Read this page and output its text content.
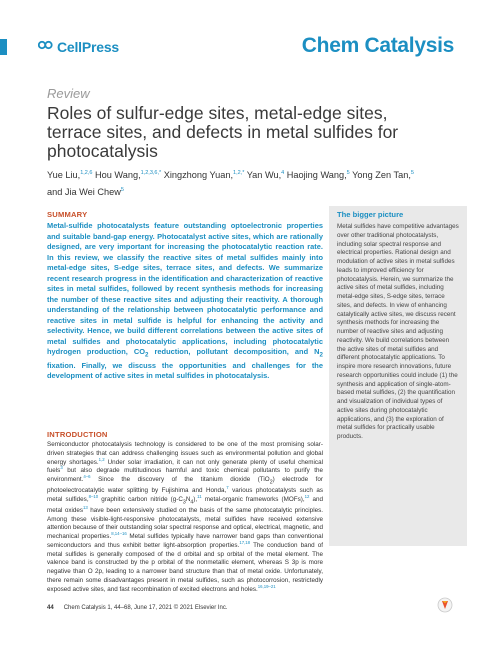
CellPress	Chem Catalysis
Review
Roles of sulfur-edge sites, metal-edge sites, terrace sites, and defects in metal sulfides for photocatalysis
Yue Liu,$^{1,2,6}$ Hou Wang,$^{1,2,3,6,*}$ Xingzhong Yuan,$^{1,2,*}$ Yan Wu,$^4$ Haojing Wang,$^5$ Yong Zen Tan,$^5$
and Jia Wei Chew$^5$
SUMMARY

Metal-sulfide photocatalysts feature outstanding optoelectronic properties and suitable band-gap energy. Photocatalyst active sites, which are rationally designed, are very important for increasing the photocatalytic reaction rate. In this review, we classify the reactive sites of metal sulfides mainly into metal-edge sites, S-edge sites, terrace sites, and defects. We summarize recent research progress in the identification and characterization of reactive sites in metal sulfides, followed by recent synthesis methods for increasing the number of these reactive sites and adjusting their reactivity. A thorough understanding of the relationship between photocatalytic performance and reactive sites in metal sulfide is helpful for enhancing the activity and selectivity. Hence, we build different correlations between the active sites of metal sulfides and photocatalytic applications, including photocatalytic hydrogen production, $CO_2$ reduction, pollutant decomposition, and $N_2$ fixation. Finally, we discuss the opportunities and challenges for the development of active sites in metal sulfides in photocatalysis.

INTRODUCTION

Semiconductor photocatalysis technology is considered to be one of the most promising solar-driven strategies that can address challenging issues such as environmental pollution and global energy shortages.$^{1,2}$ Under solar irradiation, it can not only generate plenty of useful chemical fuels$^3$ but also degrade multitudinous harmful and toxic chemical pollutants to purify the environment.$^{4-6}$ Since the discovery of the titanium dioxide (TiO$_2$) electrode for photoelectrocatalytic water splitting by Fujishima and Honda,$^7$ various photocatalysts such as metal sulfides,$^{8-10}$ graphitic carbon nitride $(g-C_3N_4),^{11}$ metal-organic frameworks (MOFs),$^{12}$ and metal oxides$^{13}$ have been extensively studied on the basis of the same photocatalytic principles. Among these visible-light-responsive photocatalysts, metal sulfides have received extensive attention because of their outstanding solar spectral response and optical, electrical, magnetic, and mechanical properties.$^{8,14-16}$ Metal sulfides typically have narrower band gaps than conventional semiconductors and thus exhibit better light-absorption properties.$^{17,18}$ The conduction band of metal sulfides is generally composed of the d orbital and sp orbital of the metal element. The valence band is constructed by the p orbital of the nonmetallic element, whereas S 3p is more negative than O 2p, leading to a narrower band structure than that of metal oxide. Unfortunately, there remain some disadvantages present in metal sulfides, such as photocorrosion, restrictedly exposed active sites, and fast recombination of excited electrons and holes.$^{16,19-21}$

The bigger picture

Metal sulfides have competitive advantages over other traditional photocatalysts, including solar spectral response and electrical properties. Rational design and modulation of active sites in metal sulfides leads to improved efficiency for photocatalysis. Herein, we summarize the active sites of metal sulfides, including metal-edge sites, S-edge sites, terrace sites, and defects. In view of enhancing catalytically active sites, we discuss recent synthesis methods for increasing the number of reactive sites and adjusting reactivity. We build correlations between the active sites of metal sulfides and different photocatalytic applications. To inspire more research innovations, future research opportunities could include (1) the synthesis and application of single-atom-based metal sulfides, (2) the quantification and visualization of individual types of active sites during photocatalytic applications, and (3) the exploration of metal sulfides for practically usable products.

44 Chem Catalysis 1, 44–68, June 17, 2021 © 2021 Elsevier Inc.
